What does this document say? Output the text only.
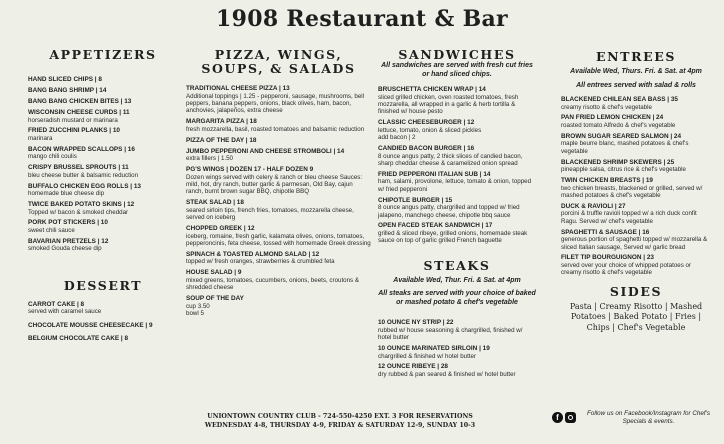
1908 Restaurant & Bar
APPETIZERS
HAND SLICED CHIPS | 8
BANG BANG SHRIMP | 14
BANG BANG CHICKEN BITES | 13
WISCONSIN CHEESE CURDS | 11
horseradish mustard or marinara
FRIED ZUCCHINI PLANKS | 10
marinara
BACON WRAPPED SCALLOPS | 16
mango chili coulis
CRISPY BRUSSEL SPROUTS | 11
bleu cheese butter & balsamic reduction
BUFFALO CHICKEN EGG ROLLS | 13
homemade blue cheese dip
TWICE BAKED POTATO SKINS | 12
Topped w/ bacon & smoked cheddar
PORK POT STICKERS | 10
sweet chili sauce
BAVARIAN PRETZELS | 12
smoked Gouda cheese dip
DESSERT
CARROT CAKE | 8
served with caramel sauce
CHOCOLATE MOUSSE CHEESECAKE | 9
BELGIUM CHOCOLATE CAKE | 8
PIZZA, WINGS,
SOUPS, & SALADS
TRADITIONAL CHEESE PIZZA | 13
Additional toppings | 1.25 - pepperoni, sausage, mushrooms, bell peppers, banana peppers, onions, black olives, ham, bacon, anchovies, jalapeños, extra cheese
MARGARITA PIZZA | 18
fresh mozzarella, basil, roasted tomatoes and balsamic reduction
PIZZA OF THE DAY | 18
JUMBO PEPPERONI AND CHEESE STROMBOLI | 14
extra fillers | 1.50
PG'S WINGS | DOZEN 17 - HALF DOZEN 9
Dozen wings served with celery & ranch or bleu cheese Sauces: mild, hot, dry ranch, butter garlic & parmesan, Old Bay, cajun ranch, burnt brown sugar BBQ, chipotle BBQ
STEAK SALAD | 18
seared sirloin tips, french fries, tomatoes, mozzarella cheese, served on iceberg
CHOPPED GREEK | 12
iceberg, romaine, fresh garlic, kalamata olives, onions, tomatoes, pepperoncinis, feta cheese, tossed with homemade Greek dressing
SPINACH & TOASTED ALMOND SALAD | 12
topped w/ fresh oranges, strawberries & crumbled feta
HOUSE SALAD | 9
mixed greens, tomatoes, cucumbers, onions, beets, croutons & shredded cheese
SOUP OF THE DAY
cup 3.50
bowl 5
SANDWICHES
All sandwiches are served with fresh cut fries or hand sliced chips.
BRUSCHETTA CHICKEN WRAP | 14
sliced grilled chicken, oven roasted tomatoes, fresh mozzarella, all wrapped in a garlic & herb tortilla & finished w/ house pesto
CLASSIC CHEESEBURGER | 12
lettuce, tomato, onion & sliced pickles
add bacon | 2
CANDIED BACON BURGER | 16
8 ounce angus patty, 2 thick slices of candied bacon, sharp cheddar cheese & caramelized onion spread
FRIED PEPPERONI ITALIAN SUB | 14
ham, salami, provolone, lettuce, tomato & onion, topped w/ fried pepperoni
CHIPOTLE BURGER | 15
8 ounce angus patty, chargrilled and topped w/ fried jalapeno, manchego cheese, chipotle bbq sauce
OPEN FACED STEAK SANDWICH | 17
grilled & sliced ribeye, grilled onions, homemade steak sauce on top of garlic grilled French baguette
STEAKS
Available Wed, Thur. Fri. & Sat. at 4pm
All steaks are served with your choice of baked or mashed potato & chef's vegetable
10 OUNCE NY STRIP | 22
rubbed w/ house seasoning & chargrilled, finished w/ hotel butter
10 OUNCE MARINATED SIRLOIN | 19
chargrilled & finished w/ hotel butter
12 OUNCE RIBEYE | 28
dry rubbed & pan seared & finished w/ hotel butter
ENTREES
Available Wed, Thurs. Fri. & Sat. at 4pm
All entrees served with salad & rolls
BLACKENED CHILEAN SEA BASS | 35
creamy risotto & chef's vegetable
PAN FRIED LEMON CHICKEN | 24
roasted tomato Alfredo & chef's vegetable
BROWN SUGAR SEARED SALMON | 24
maple beurre blanc, mashed potatoes & chef's vegetable
BLACKENED SHRIMP SKEWERS | 25
pineapple salsa, citrus rice & chef's vegetable
TWIN CHICKEN BREASTS | 19
two chicken breasts, blackened or grilled, served w/ mashed potatoes & chef's vegetable
DUCK & RAVIOLI | 27
porcini & truffle ravioli topped w/ a rich duck confit Ragu. Served w/ chef's vegetable
SPAGHETTI & SAUSAGE | 16
generous portion of spaghetti topped w/ mozzarella & sliced Italian sausage, Served w/ garlic bread
FILET TIP BOURGUIGNON | 23
served over your choice of whipped potatoes or creamy risotto & chef's vegetable
SIDES
Pasta | Creamy Risotto | Mashed Potatoes | Baked Potato | Fries | Chips | Chef's Vegetable

UNIONTOWN COUNTRY CLUB - 724-550-4250 EXT. 3 FOR RESERVATIONS
WEDNESDAY 4-8, THURSDAY 4-9, FRIDAY & SATURDAY 12-9, SUNDAY 10-3
f	Follow us on Facebook/Instagram for Chef's Specials & events.
